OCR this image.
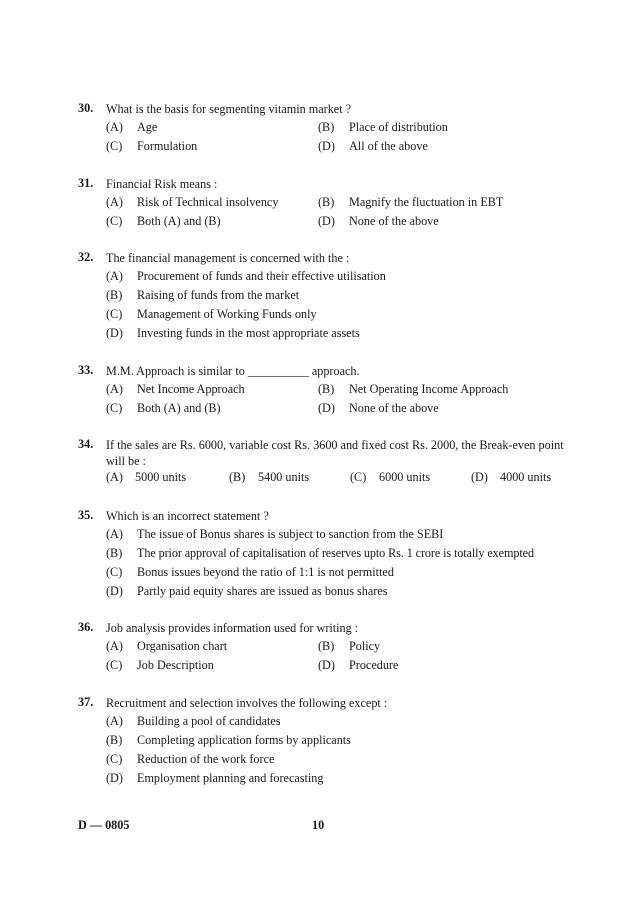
30. What is the basis for segmenting vitamin market ?
(A) Age	(B) Place of distribution
(C) Formulation	(D) All of the above
31. Financial Risk means :
(A) Risk of Technical insolvency	(B) Magnify the fluctuation in EBT
(C) Both (A) and (B)	(D) None of the above
32. The financial management is concerned with the :
(A) Procurement of funds and their effective utilisation
(B) Raising of funds from the market
(C) Management of Working Funds only
(D) Investing funds in the most appropriate assets
33. M.M. Approach is similar to __________ approach.
(A) Net Income Approach	(B) Net Operating Income Approach
(C) Both (A) and (B)	(D) None of the above
34. If the sales are Rs. 6000, variable cost Rs. 3600 and fixed cost Rs. 2000, the Break-even point will be :
(A) 5000 units	(B) 5400 units	(C) 6000 units	(D) 4000 units
35. Which is an incorrect statement ?
(A) The issue of Bonus shares is subject to sanction from the SEBI
(B) The prior approval of capitalisation of reserves upto Rs. 1 crore is totally exempted
(C) Bonus issues beyond the ratio of 1:1 is not permitted
(D) Partly paid equity shares are issued as bonus shares
36. Job analysis provides information used for writing :
(A) Organisation chart	(B) Policy
(C) Job Description	(D) Procedure
37. Recruitment and selection involves the following except :
(A) Building a pool of candidates
(B) Completing application forms by applicants
(C) Reduction of the work force
(D) Employment planning and forecasting
D — 0805	10
